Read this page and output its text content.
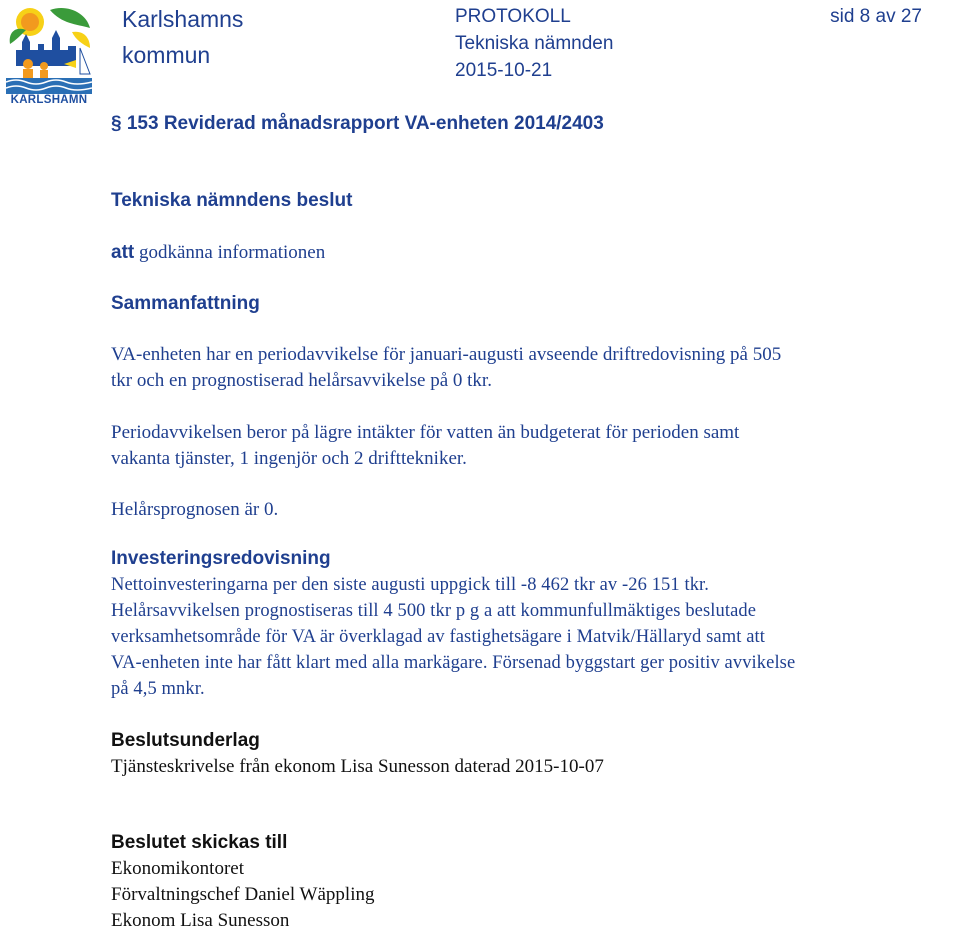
KARLSHAMN
Karlshamns
kommun
PROTOKOLL
Tekniska nämnden
2015-10-21
sid 8 av 27
§ 153 Reviderad månadsrapport VA-enheten 2014/2403
Tekniska nämndens beslut
att godkänna informationen
Sammanfattning
VA-enheten har en periodavvikelse för januari-augusti avseende driftredovisning på 505
tkr och en prognostiserad helårsavvikelse på 0 tkr.
Periodavvikelsen beror på lägre intäkter för vatten än budgeterat för perioden samt
vakanta tjänster, 1 ingenjör och 2 drifttekniker.
Helårsprognosen är 0.
Investeringsredovisning
Nettoinvesteringarna per den siste augusti uppgick till -8 462 tkr av -26 151 tkr.
Helårsavvikelsen prognostiseras till 4 500 tkr p g a att kommunfullmäktiges beslutade
verksamhetsområde för VA är överklagad av fastighetsägare i Matvik/Hällaryd samt att
VA-enheten inte har fått klart med alla markägare. Försenad byggstart ger positiv avvikelse
på 4,5 mnkr.
Beslutsunderlag
Tjänsteskrivelse från ekonom Lisa Sunesson daterad 2015-10-07
Beslutet skickas till
Ekonomikontoret
Förvaltningschef Daniel Wäppling
Ekonom Lisa Sunesson
